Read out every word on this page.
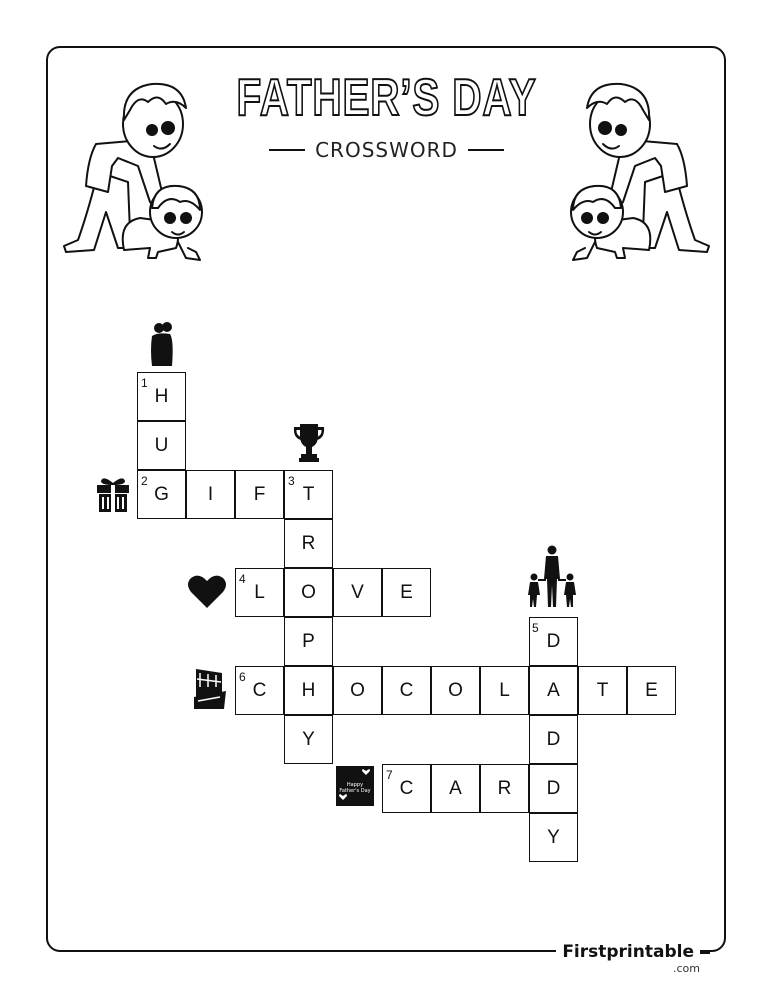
FATHER’S DAY
CROSSWORD
H
U
G	I	F	T
R
O
P
H
Y
L	V	E
C	O	C	O	L	A	T	E
D
D
D
Y
C	A	R
1
2	3
4
5
6
7
Happy
Father's Day
Firstprintable
.com
